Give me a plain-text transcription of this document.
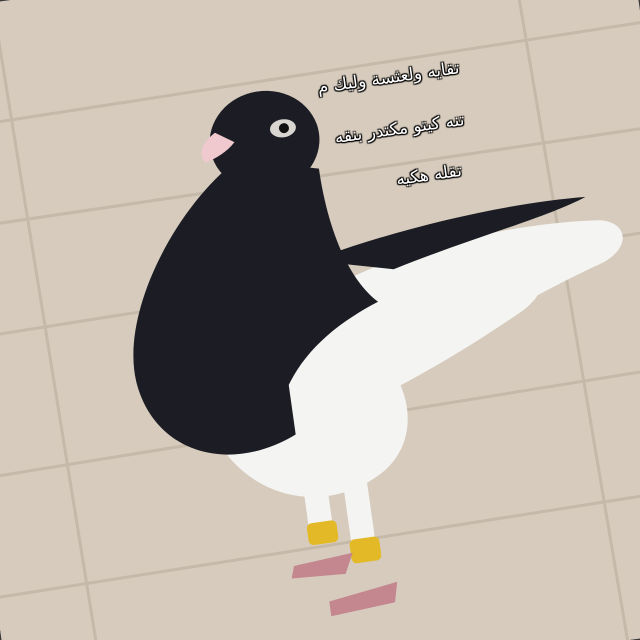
تقايه ولعثسة وليك م
تنه كيتو مكتدر بنقه
تقله هكيه
